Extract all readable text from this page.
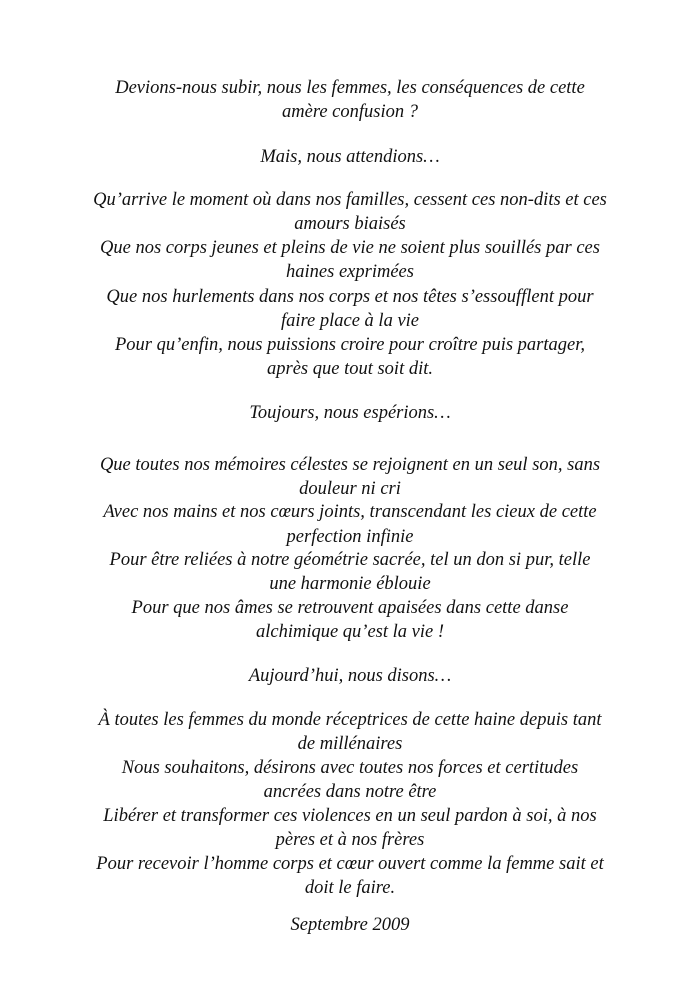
Devions-nous subir, nous les femmes, les conséquences de cette
amère confusion ?
Mais, nous attendions…
Qu’arrive le moment où dans nos familles, cessent ces non-dits et ces
amours biaisés
Que nos corps jeunes et pleins de vie ne soient plus souillés par ces
haines exprimées
Que nos hurlements dans nos corps et nos têtes s’essoufflent pour
faire place à la vie
Pour qu’enfin, nous puissions croire pour croître puis partager,
après que tout soit dit.
Toujours, nous espérions…
Que toutes nos mémoires célestes se rejoignent en un seul son, sans
douleur ni cri
Avec nos mains et nos cœurs joints, transcendant les cieux de cette
perfection infinie
Pour être reliées à notre géométrie sacrée, tel un don si pur, telle
une harmonie éblouie
Pour que nos âmes se retrouvent apaisées dans cette danse
alchimique qu’est la vie !
Aujourd’hui, nous disons…
À toutes les femmes du monde réceptrices de cette haine depuis tant
de millénaires
Nous souhaitons, désirons avec toutes nos forces et certitudes
ancrées dans notre être
Libérer et transformer ces violences en un seul pardon à soi, à nos
pères et à nos frères
Pour recevoir l’homme corps et cœur ouvert comme la femme sait et
doit le faire.
Septembre 2009
